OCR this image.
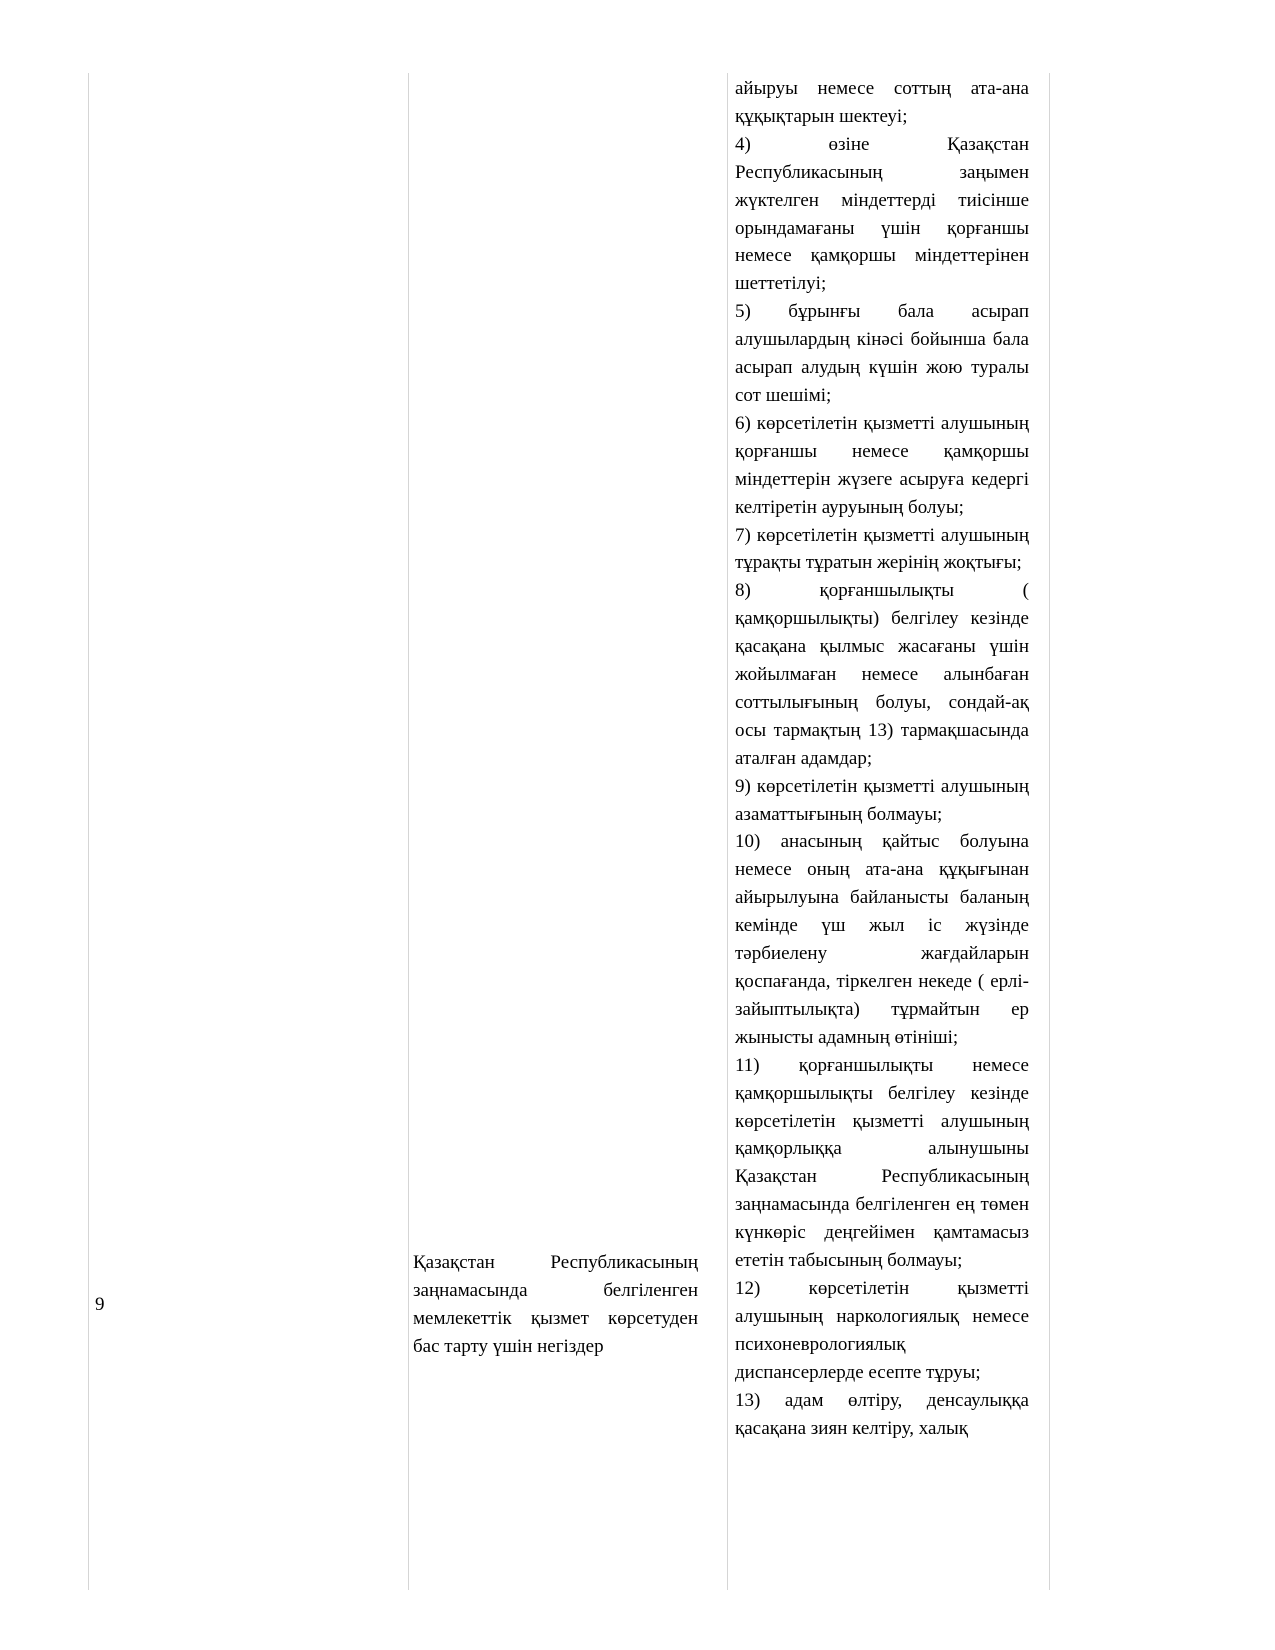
9
Қазақстан Республикасының заңнамасында белгіленген мемлекеттік қызмет көрсетуден бас тарту үшін негіздер

айыруы немесе соттың ата-ана құқықтарын шектеуі;

4) өзіне Қазақстан Республикасының заңымен жүктелген міндеттерді тиісінше орындамағаны үшін қорғаншы немесе қамқоршы міндеттерінен шеттетілуі;

5) бұрынғы бала асырап алушылардың кінәсі бойынша бала асырап алудың күшін жою туралы сот шешімі;

6) көрсетілетін қызметті алушының қорғаншы немесе қамқоршы міндеттерін жүзеге асыруға кедергі келтіретін ауруының болуы;

7) көрсетілетін қызметті алушының тұрақты тұратын жерінің жоқтығы;

8) қорғаншылықты ( қамқоршылықты) белгілеу кезінде қасақана қылмыс жасағаны үшін жойылмаған немесе алынбаған соттылығының болуы, сондай-ақ осы тармақтың 13) тармақшасында аталған адамдар;

9) көрсетілетін қызметті алушының азаматтығының болмауы;

10) анасының қайтыс болуына немесе оның ата-ана құқығынан айырылуына байланысты баланың кемінде үш жыл іс жүзінде тәрбиелену жағдайларын қоспағанда, тіркелген некеде ( ерлі-зайыптылықта) тұрмайтын ер жынысты адамның өтініші;

11) қорғаншылықты немесе қамқоршылықты белгілеу кезінде көрсетілетін қызметті алушының қамқорлыққа алынушыны Қазақстан Республикасының заңнамасында белгіленген ең төмен күнкөріс деңгейімен қамтамасыз ететін табысының болмауы;

12) көрсетілетін қызметті алушының наркологиялық немесе психоневрологиялық диспансерлерде есепте тұруы;

13) адам өлтіру, денсаулыққа қасақана зиян келтіру, халық
